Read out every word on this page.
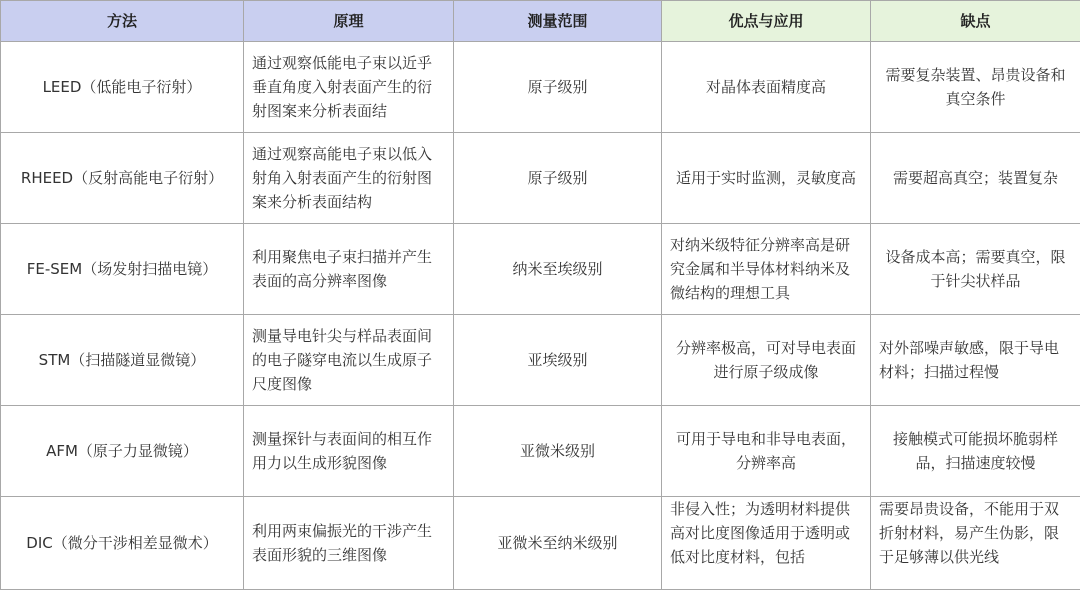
方法	原理	测量范围	优点与应用	缺点
LEED（低能电子衍射）	通过观察低能电子束以近乎垂直角度入射表面产生的衍射图案来分析表面结	原子级别	对晶体表面精度高	需要复杂装置、昂贵设备和真空条件
RHEED（反射高能电子衍射）	通过观察高能电子束以低入射角入射表面产生的衍射图案来分析表面结构	原子级别	适用于实时监测，灵敏度高	需要超高真空；装置复杂
FE-SEM（场发射扫描电镜）	利用聚焦电子束扫描并产生表面的高分辨率图像	纳米至埃级别	对纳米级特征分辨率高是研究金属和半导体材料纳米及微结构的理想工具	设备成本高；需要真空，限于针尖状样品
STM（扫描隧道显微镜）	测量导电针尖与样品表面间的电子隧穿电流以生成原子尺度图像	亚埃级别	分辨率极高，可对导电表面进行原子级成像	对外部噪声敏感，限于导电材料；扫描过程慢
AFM（原子力显微镜）	测量探针与表面间的相互作用力以生成形貌图像	亚微米级别	可用于导电和非导电表面，分辨率高	接触模式可能损坏脆弱样品，扫描速度较慢
DIC（微分干涉相差显微术）	利用两束偏振光的干涉产生表面形貌的三维图像	亚微米至纳米级别	非侵入性；为透明材料提供高对比度图像适用于透明或低对比度材料，包括	需要昂贵设备，不能用于双折射材料，易产生伪影，限于足够薄以供光线
